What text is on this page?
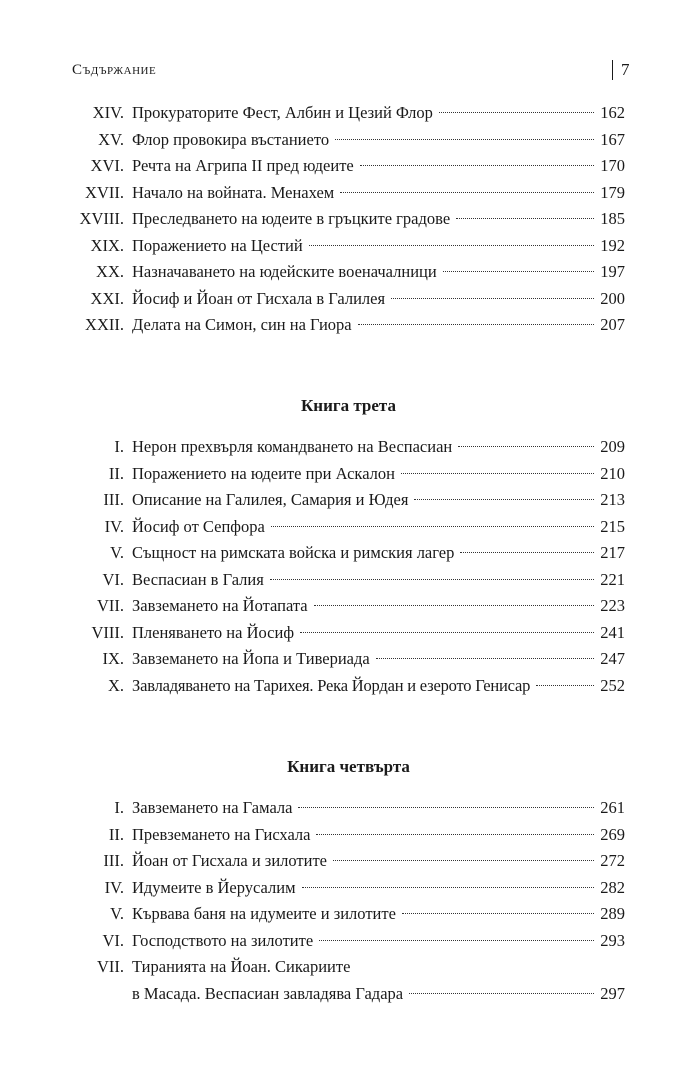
Съдържание	7
XIV. Прокураторите Фест, Албин и Цезий Флор	162
XV. Флор провокира въстанието	167
XVI. Речта на Агрипа II пред юдеите	170
XVII. Начало на войната. Менахем	179
XVIII. Преследването на юдеите в гръцките градове	185
XIX. Поражението на Цестий	192
XX. Назначаването на юдейските военачалници	197
XXI. Йосиф и Йоан от Гисхала в Галилея	200
XXII. Делата на Симон, син на Гиора	207
Книга трета
I. Нерон прехвърля командването на Веспасиан	209
II. Поражението на юдеите при Аскалон	210
III. Описание на Галилея, Самария и Юдея	213
IV. Йосиф от Сепфора	215
V. Същност на римската войска и римския лагер	217
VI. Веспасиан в Галия	221
VII. Завземането на Йотапата	223
VIII. Пленяването на Йосиф	241
IX. Завземането на Йопа и Тивериада	247
X. Завладяването на Тарихея. Река Йордан и езерото Генисар	252
Книга четвърта
I. Завземането на Гамала	261
II. Превземането на Гисхала	269
III. Йоан от Гисхала и зилотите	272
IV. Идумеите в Йерусалим	282
V. Кървава баня на идумеите и зилотите	289
VI. Господството на зилотите	293
VII. Тиранията на Йоан. Сикариите
в Масада. Веспасиан завладява Гадара	297
